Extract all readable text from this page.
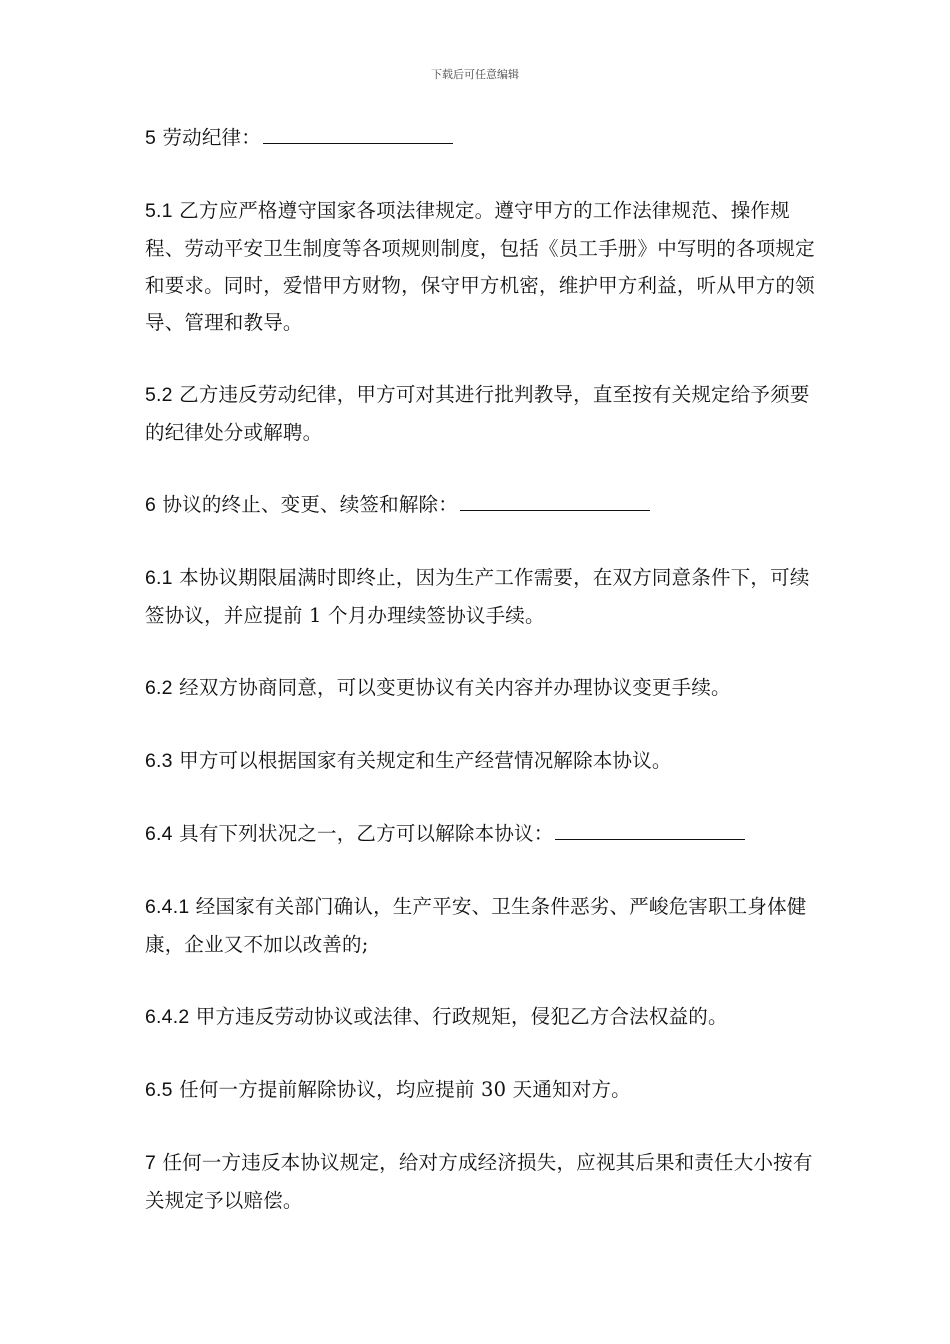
下载后可任意编辑

5 劳动纪律：

5.1 乙方应严格遵守国家各项法律规定。遵守甲方的工作法律规范、操作规程、劳动平安卫生制度等各项规则制度，包括《员工手册》中写明的各项规定和要求。同时，爱惜甲方财物，保守甲方机密，维护甲方利益，听从甲方的领导、管理和教导。

5.2 乙方违反劳动纪律，甲方可对其进行批判教导，直至按有关规定给予须要的纪律处分或解聘。

6 协议的终止、变更、续签和解除：

6.1 本协议期限届满时即终止，因为生产工作需要，在双方同意条件下，可续签协议，并应提前 1 个月办理续签协议手续。

6.2 经双方协商同意，可以变更协议有关内容并办理协议变更手续。

6.3 甲方可以根据国家有关规定和生产经营情况解除本协议。

6.4 具有下列状况之一，乙方可以解除本协议：

6.4.1 经国家有关部门确认，生产平安、卫生条件恶劣、严峻危害职工身体健康，企业又不加以改善的;

6.4.2 甲方违反劳动协议或法律、行政规矩，侵犯乙方合法权益的。

6.5 任何一方提前解除协议，均应提前 30 天通知对方。

7 任何一方违反本协议规定，给对方成经济损失，应视其后果和责任大小按有关规定予以赔偿。
